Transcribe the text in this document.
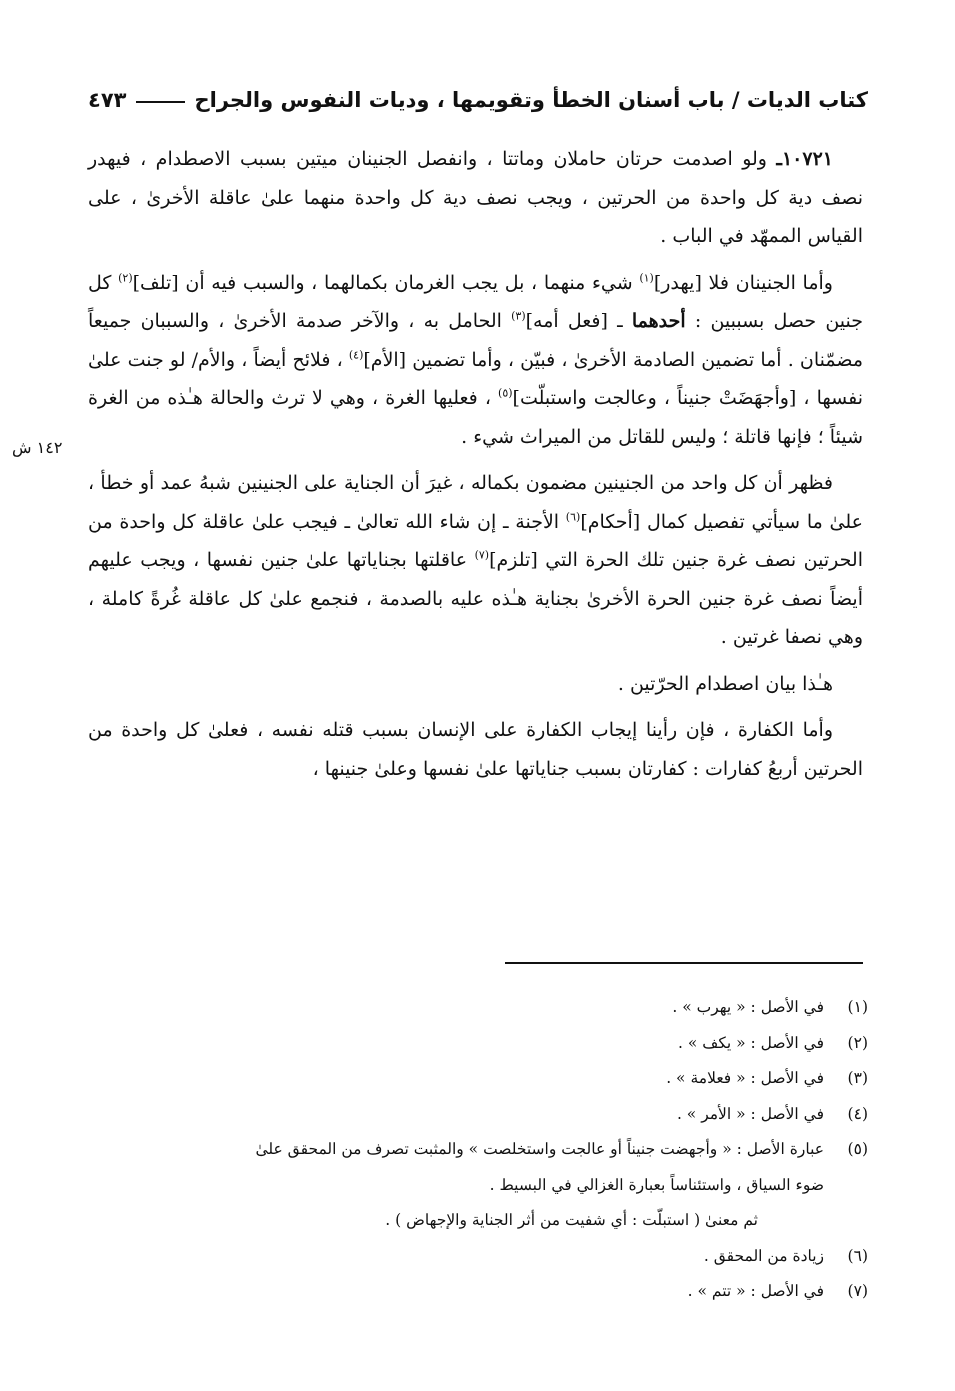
كتاب الديات / باب أسنان الخطأ وتقويمها ، وديات النفوس والجراح
٤٧٣
١٤٢ ش

١٠٧٢١ـ ولو اصدمت حرتان حاملان وماتتا ، وانفصل الجنينان ميتين بسبب الاصطدام ، فيهدر نصف دية كل واحدة من الحرتين ، ويجب نصف دية كل واحدة منهما علىٰ عاقلة الأخرىٰ ، على القياس الممهّد في الباب .

وأما الجنينان فلا [يهدر]$^{(١)}$ شيء منهما ، بل يجب الغرمان بكمالهما ، والسبب فيه أن [تلف]$^{(٢)}$ كل جنين حصل بسببين : أحدهما ـ [فعل أمه]$^{(٣)}$ الحامل به ، والآخر صدمة الأخرىٰ ، والسببان جميعاً مضمّنان . أما تضمين الصادمة الأخرىٰ ، فبيّن ، وأما تضمين [الأم]$^{(٤)}$ ، فلائح أيضاً ، والأم/ لو جنت علىٰ نفسها ، [وأجهَضَتْ جنيناً ، وعالجت واستبلّت]$^{(٥)}$ ، فعليها الغرة ، وهي لا ترث والحالة هـٰذه من الغرة شيئاً ؛ فإنها قاتلة ؛ وليس للقاتل من الميراث شيء .

فظهر أن كل واحد من الجنينين مضمون بكماله ، غيرَ أن الجناية على الجنينين شبهُ عمد أو خطأ ، علىٰ ما سيأتي تفصيل كمال [أحكام]$^{(٦)}$ الأجنة ـ إن شاء الله تعالىٰ ـ فيجب علىٰ عاقلة كل واحدة من الحرتين نصف غرة جنين تلك الحرة التي [تلزم]$^{(٧)}$ عاقلتها بجناياتها علىٰ جنين نفسها ، ويجب عليهم أيضاً نصف غرة جنين الحرة الأخرىٰ بجناية هـٰذه عليه بالصدمة ، فنجمع علىٰ كل عاقلة غُرةً كاملة ، وهي نصفا غرتين .

هـٰذا بيان اصطدام الحرّتين .

وأما الكفارة ، فإن رأينا إيجاب الكفارة على الإنسان بسبب قتله نفسه ، فعلىٰ كل واحدة من الحرتين أربعُ كفارات : كفارتان بسبب جناياتها علىٰ نفسها وعلىٰ جنينها ،

(١)
في الأصل : « يهرب » .
(٢)
في الأصل : « يكف » .
(٣)
في الأصل : « فعلامة » .
(٤)
في الأصل : « الأمر » .
(٥)
عبارة الأصل : « وأجهضت جنيناً أو عالجت واستخلصت » والمثبت تصرف من المحقق علىٰ
ضوء السياق ، واستئناساً بعبارة الغزالي في البسيط .
ثم معنىٰ ( استبلّت : أي شفيت من أثر الجناية والإجهاض ) .
(٦)
زيادة من المحقق .
(٧)
في الأصل : « تتم » .
